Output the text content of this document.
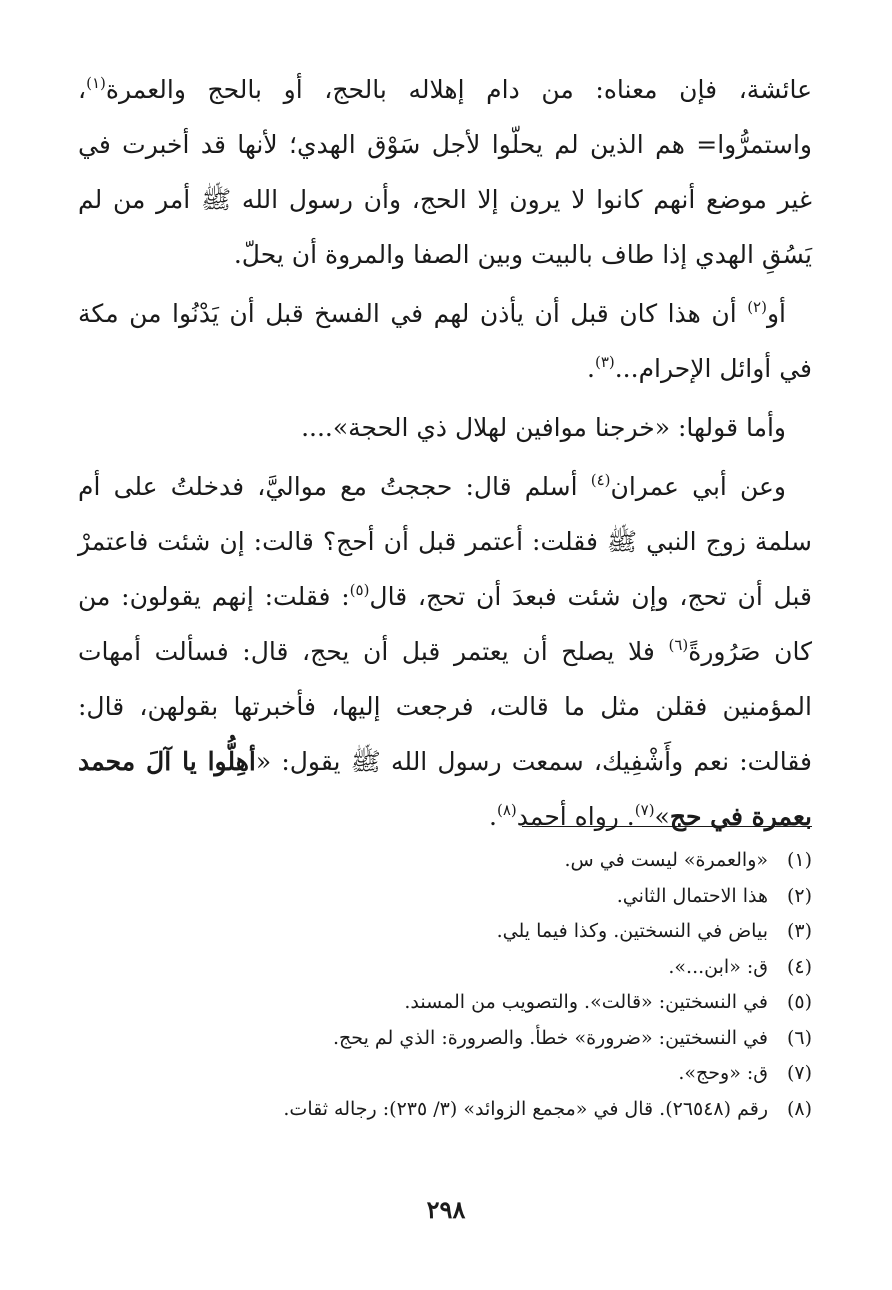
عائشة، فإن معناه: من دام إهلاله بالحج، أو بالحج والعمرة$^{(١)}$، واستمرُّوا= هم الذين لم يحلّوا لأجل سَوْق الهدي؛ لأنها قد أخبرت في غير موضع أنهم كانوا لا يرون إلا الحج، وأن رسول الله ﷺ أمر من لم يَسُقِ الهدي إذا طاف بالبيت وبين الصفا والمروة أن يحلّ.

أو$^{(٢)}$ أن هذا كان قبل أن يأذن لهم في الفسخ قبل أن يَدْنُوا من مكة في أوائل الإحرام...$^{(٣)}$.

وأما قولها: «خرجنا موافين لهلال ذي الحجة»....

وعن أبي عمران$^{(٤)}$ أسلم قال: حججتُ مع مواليَّ، فدخلتُ على أم سلمة زوج النبي ﷺ فقلت: أعتمر قبل أن أحج؟ قالت: إن شئت فاعتمرْ قبل أن تحج، وإن شئت فبعدَ أن تحج، قال$^{(٥)}$: فقلت: إنهم يقولون: من كان صَرُورةً$^{(٦)}$ فلا يصلح أن يعتمر قبل أن يحج، قال: فسألت أمهات المؤمنين فقلن مثل ما قالت، فرجعت إليها، فأخبرتها بقولهن، قال: فقالت: نعم وأَشْفِيك، سمعت رسول الله ﷺ يقول: «أهِلُّوا يا آلَ محمد بعمرة في حج»$^{(٧)}$. رواه أحمد$^{(٨)}$.

(١)
«والعمرة» ليست في س.
(٢)
هذا الاحتمال الثاني.
(٣)
بياض في النسختين. وكذا فيما يلي.
(٤)
ق: «ابن...».
(٥)
في النسختين: «قالت». والتصويب من المسند.
(٦)
في النسختين: «ضرورة» خطأ. والصرورة: الذي لم يحج.
(٧)
ق: «وحج».
(٨)
رقم (٢٦٥٤٨). قال في «مجمع الزوائد» (٣/ ٢٣٥): رجاله ثقات.
٢٩٨
